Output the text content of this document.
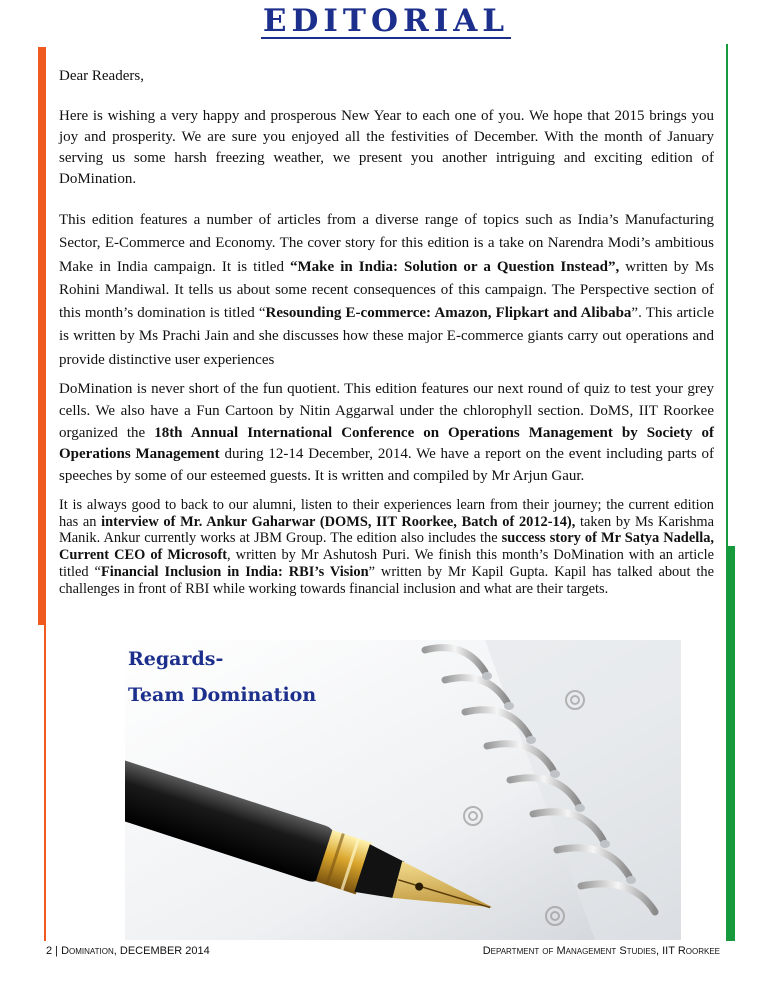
EDITORIAL

Dear Readers,

Here is wishing a very happy and prosperous New Year to each one of you. We hope that 2015 brings you joy and prosperity. We are sure you enjoyed all the festivities of December. With the month of January serving us some harsh freezing weather, we present you another intriguing and exciting edition of DoMination.

This edition features a number of articles from a diverse range of topics such as India’s Manufacturing Sector, E-Commerce and Economy. The cover story for this edition is a take on Narendra Modi’s ambitious Make in India campaign. It is titled “Make in India: Solution or a Question Instead”, written by Ms Rohini Mandiwal. It tells us about some recent consequences of this campaign. The Perspective section of this month’s domination is titled “Resounding E-commerce: Amazon, Flipkart and Alibaba”. This article is written by Ms Prachi Jain and she discusses how these major E-commerce giants carry out operations and provide distinctive user experiences

DoMination is never short of the fun quotient. This edition features our next round of quiz to test your grey cells. We also have a Fun Cartoon by Nitin Aggarwal under the chlorophyll section. DoMS, IIT Roorkee organized the 18th Annual International Conference on Operations Management by Society of Operations Management during 12-14 December, 2014. We have a report on the event including parts of speeches by some of our esteemed guests. It is written and compiled by Mr Arjun Gaur.

It is always good to back to our alumni, listen to their experiences learn from their journey; the current edition has an interview of Mr. Ankur Gaharwar (DOMS, IIT Roorkee, Batch of 2012-14), taken by Ms Karishma Manik. Ankur currently works at JBM Group. The edition also includes the success story of Mr Satya Nadella, Current CEO of Microsoft, written by Mr Ashutosh Puri. We finish this month’s DoMination with an article titled “Financial Inclusion in India: RBI’s Vision” written by Mr Kapil Gupta. Kapil has talked about the challenges in front of RBI while working towards financial inclusion and what are their targets.

Regards-

Team Domination

2 | Domination, DECEMBER 2014	Department of Management Studies, IIT Roorkee
